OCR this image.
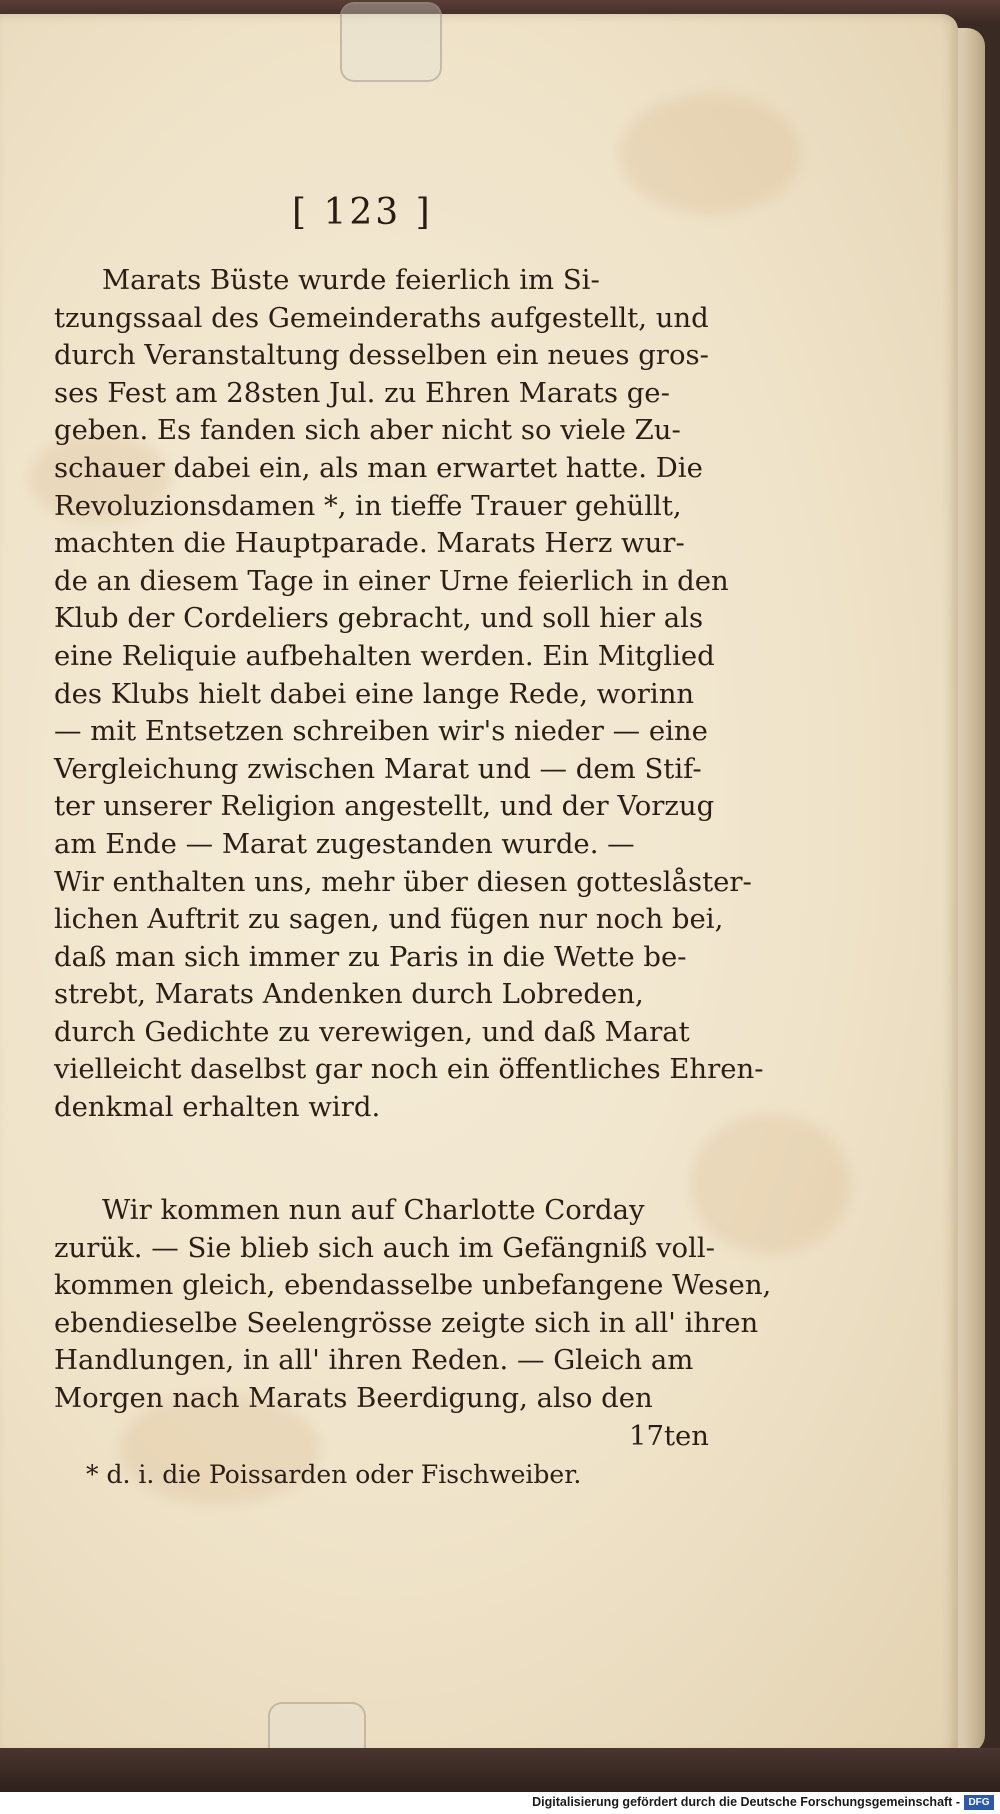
[ 123 ]
Marats Büste wurde feierlich im Si-
tzungssaal des Gemeinderaths aufgestellt, und
durch Veranstaltung desselben ein neues gros-
ses Fest am 28sten Jul. zu Ehren Marats ge-
geben. Es fanden sich aber nicht so viele Zu-
schauer dabei ein, als man erwartet hatte. Die
Revoluzionsdamen *, in tieffe Trauer gehüllt,
machten die Hauptparade. Marats Herz wur-
de an diesem Tage in einer Urne feierlich in den
Klub der Cordeliers gebracht, und soll hier als
eine Reliquie aufbehalten werden. Ein Mitglied
des Klubs hielt dabei eine lange Rede, worinn
— mit Entsetzen schreiben wir's nieder — eine
Vergleichung zwischen Marat und — dem Stif-
ter unserer Religion angestellt, und der Vorzug
am Ende — Marat zugestanden wurde. —
Wir enthalten uns, mehr über diesen gotteslåster-
lichen Auftrit zu sagen, und fügen nur noch bei,
daß man sich immer zu Paris in die Wette be-
strebt, Marats Andenken durch Lobreden,
durch Gedichte zu verewigen, und daß Marat
vielleicht daselbst gar noch ein öffentliches Ehren-
denkmal erhalten wird.
Wir kommen nun auf Charlotte Corday
zurük. — Sie blieb sich auch im Gefängniß voll-
kommen gleich, ebendasselbe unbefangene Wesen,
ebendieselbe Seelengrösse zeigte sich in all' ihren
Handlungen, in all' ihren Reden. — Gleich am
Morgen nach Marats Beerdigung, also den
17ten
* d. i. die Poissarden oder Fischweiber.
Digitalisierung gefördert durch die Deutsche Forschungsgemeinschaft - DFG
